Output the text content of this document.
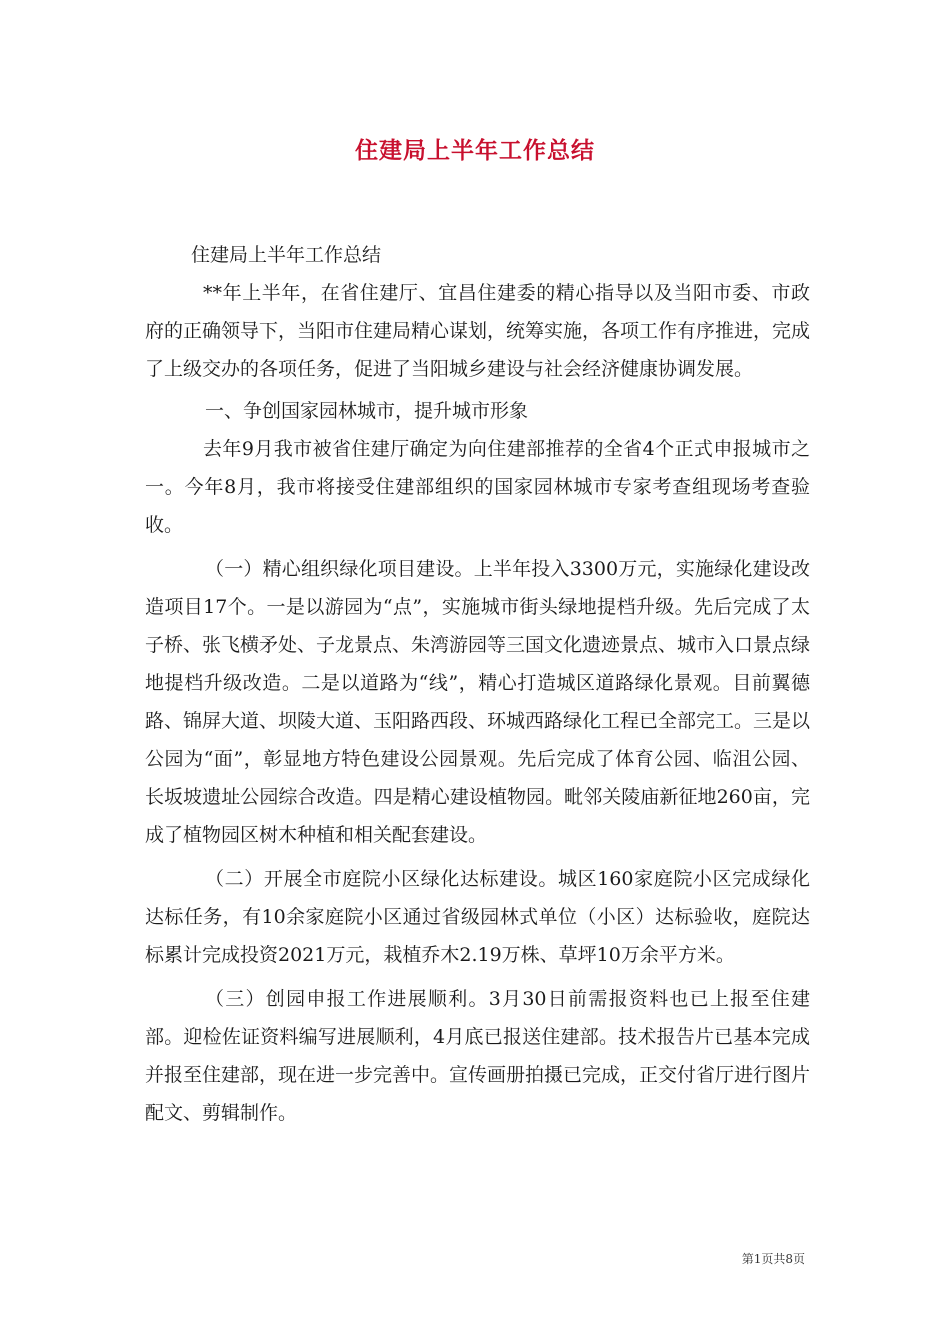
住建局上半年工作总结

住建局上半年工作总结

**年上半年，在省住建厅、宜昌住建委的精心指导以及当阳市委、市政府的正确领导下，当阳市住建局精心谋划，统筹实施，各项工作有序推进，完成了上级交办的各项任务，促进了当阳城乡建设与社会经济健康协调发展。

一、争创国家园林城市，提升城市形象

去年9月我市被省住建厅确定为向住建部推荐的全省4个正式申报城市之一。今年8月，我市将接受住建部组织的国家园林城市专家考查组现场考查验收。

（一）精心组织绿化项目建设。上半年投入3300万元，实施绿化建设改造项目17个。一是以游园为“点”，实施城市街头绿地提档升级。先后完成了太子桥、张飞横矛处、子龙景点、朱湾游园等三国文化遗迹景点、城市入口景点绿地提档升级改造。二是以道路为“线”，精心打造城区道路绿化景观。目前翼德路、锦屏大道、坝陵大道、玉阳路西段、环城西路绿化工程已全部完工。三是以公园为“面”，彰显地方特色建设公园景观。先后完成了体育公园、临沮公园、长坂坡遗址公园综合改造。四是精心建设植物园。毗邻关陵庙新征地260亩，完成了植物园区树木种植和相关配套建设。

（二）开展全市庭院小区绿化达标建设。城区160家庭院小区完成绿化达标任务，有10余家庭院小区通过省级园林式单位（小区）达标验收，庭院达标累计完成投资2021万元，栽植乔木2.19万株、草坪10万余平方米。

（三）创园申报工作进展顺利。3月30日前需报资料也已上报至住建部。迎检佐证资料编写进展顺利，4月底已报送住建部。技术报告片已基本完成并报至住建部，现在进一步完善中。宣传画册拍摄已完成，正交付省厅进行图片配文、剪辑制作。

第1页共8页
